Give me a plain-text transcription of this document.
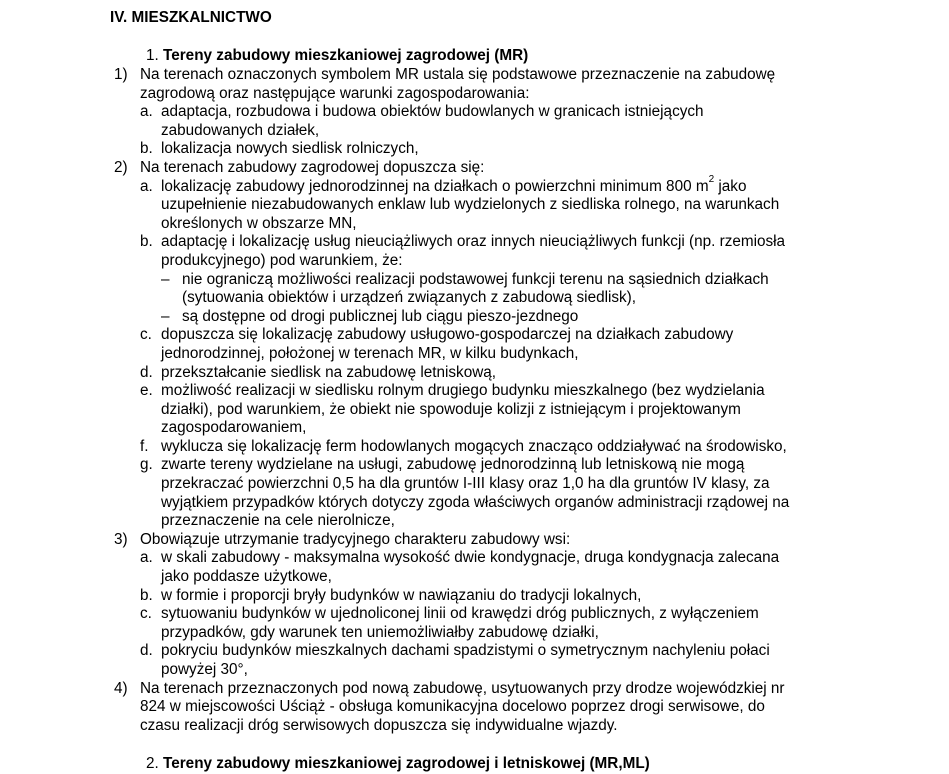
IV. MIESZKALNICTWO
1. Tereny zabudowy mieszkaniowej zagrodowej (MR)
1) Na terenach oznaczonych symbolem MR ustala się podstawowe przeznaczenie na zabudowę
zagrodową oraz następujące warunki zagospodarowania:
a. adaptacja, rozbudowa i budowa obiektów budowlanych w granicach istniejących
zabudowanych działek,
b. lokalizacja nowych siedlisk rolniczych,
2) Na terenach zabudowy zagrodowej dopuszcza się:
a. lokalizację zabudowy jednorodzinnej na działkach o powierzchni minimum 800 $m^2$ jako
uzupełnienie niezabudowanych enklaw lub wydzielonych z siedliska rolnego, na warunkach
określonych w obszarze MN,
b. adaptację i lokalizację usług nieuciążliwych oraz innych nieuciążliwych funkcji (np. rzemiosła
produkcyjnego) pod warunkiem, że:
– nie ograniczą możliwości realizacji podstawowej funkcji terenu na sąsiednich działkach
(sytuowania obiektów i urządzeń związanych z zabudową siedlisk),
– są dostępne od drogi publicznej lub ciągu pieszo-jezdnego
c. dopuszcza się lokalizację zabudowy usługowo-gospodarczej na działkach zabudowy
jednorodzinnej, położonej w terenach MR, w kilku budynkach,
d. przekształcanie siedlisk na zabudowę letniskową,
e. możliwość realizacji w siedlisku rolnym drugiego budynku mieszkalnego (bez wydzielania
działki), pod warunkiem, że obiekt nie spowoduje kolizji z istniejącym i projektowanym
zagospodarowaniem,
f. wyklucza się lokalizację ferm hodowlanych mogących znacząco oddziaływać na środowisko,
g. zwarte tereny wydzielane na usługi, zabudowę jednorodzinną lub letniskową nie mogą
przekraczać powierzchni 0,5 ha dla gruntów I-III klasy oraz 1,0 ha dla gruntów IV klasy, za
wyjątkiem przypadków których dotyczy zgoda właściwych organów administracji rządowej na
przeznaczenie na cele nierolnicze,
3) Obowiązuje utrzymanie tradycyjnego charakteru zabudowy wsi:
a. w skali zabudowy - maksymalna wysokość dwie kondygnacje, druga kondygnacja zalecana
jako poddasze użytkowe,
b. w formie i proporcji bryły budynków w nawiązaniu do tradycji lokalnych,
c. sytuowaniu budynków w ujednoliconej linii od krawędzi dróg publicznych, z wyłączeniem
przypadków, gdy warunek ten uniemożliwiałby zabudowę działki,
d. pokryciu budynków mieszkalnych dachami spadzistymi o symetrycznym nachyleniu połaci
powyżej 30°,
4) Na terenach przeznaczonych pod nową zabudowę, usytuowanych przy drodze wojewódzkiej nr
824 w miejscowości Uściąż - obsługa komunikacyjna docelowo poprzez drogi serwisowe, do
czasu realizacji dróg serwisowych dopuszcza się indywidualne wjazdy.
2. Tereny zabudowy mieszkaniowej zagrodowej i letniskowej (MR,ML)
